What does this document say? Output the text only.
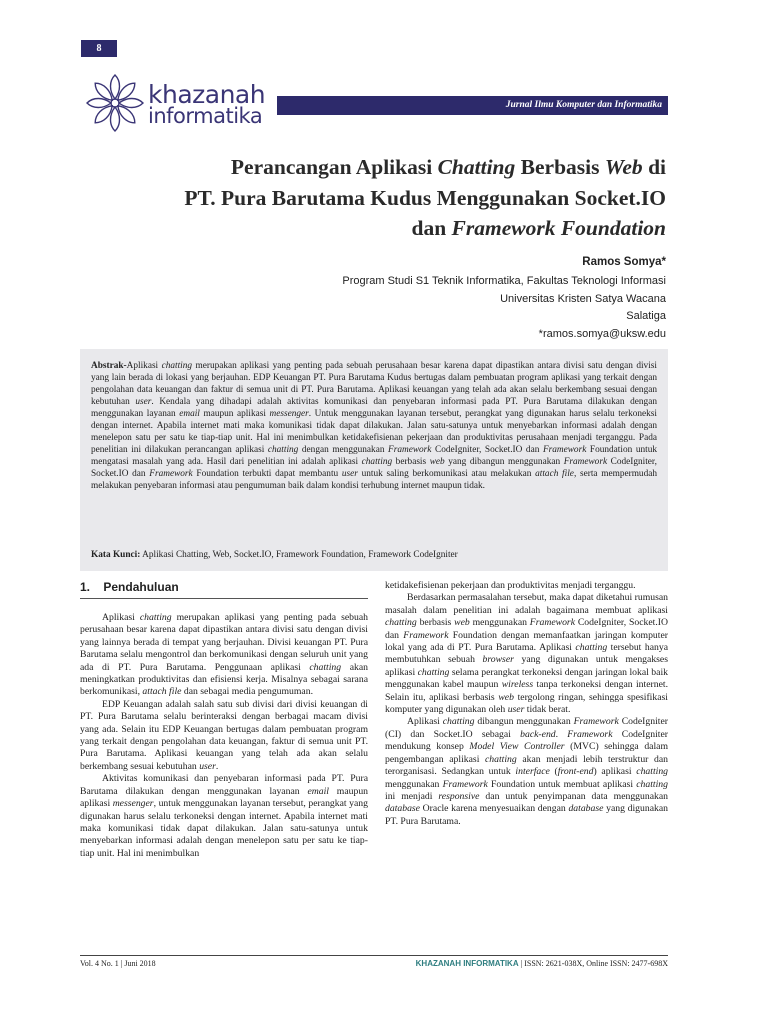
8
khazanah
informatika	Jurnal Ilmu Komputer dan Informatika
Perancangan Aplikasi Chatting Berbasis Web di
PT. Pura Barutama Kudus Menggunakan Socket.IO
dan Framework Foundation
Ramos Somya*
Program Studi S1 Teknik Informatika, Fakultas Teknologi Informasi
Universitas Kristen Satya Wacana
Salatiga
*ramos.somya@uksw.edu
Abstrak-Aplikasi chatting merupakan aplikasi yang penting pada sebuah perusahaan besar karena dapat dipastikan antara divisi satu dengan divisi yang lain berada di lokasi yang berjauhan. EDP Keuangan PT. Pura Barutama Kudus bertugas dalam pembuatan program aplikasi yang terkait dengan pengolahan data keuangan dan faktur di semua unit di PT. Pura Barutama. Aplikasi keuangan yang telah ada akan selalu berkembang sesuai dengan kebutuhan user. Kendala yang dihadapi adalah aktivitas komunikasi dan penyebaran informasi pada PT. Pura Barutama dilakukan dengan menggunakan layanan email maupun aplikasi messenger. Untuk menggunakan layanan tersebut, perangkat yang digunakan harus selalu terkoneksi dengan internet. Apabila internet mati maka komunikasi tidak dapat dilakukan. Jalan satu-satunya untuk menyebarkan informasi adalah dengan menelepon satu per satu ke tiap-tiap unit. Hal ini menimbulkan ketidakefisienan pekerjaan dan produktivitas perusahaan menjadi terganggu. Pada penelitian ini dilakukan perancangan aplikasi chatting dengan menggunakan Framework CodeIgniter, Socket.IO dan Framework Foundation untuk mengatasi masalah yang ada. Hasil dari penelitian ini adalah aplikasi chatting berbasis web yang dibangun menggunakan Framework CodeIgniter, Socket.IO dan Framework Foundation terbukti dapat membantu user untuk saling berkomunikasi atau melakukan attach file, serta mempermudah melakukan penyebaran informasi atau pengumuman baik dalam kondisi terhubung internet maupun tidak.
Kata Kunci: Aplikasi Chatting, Web, Socket.IO, Framework Foundation, Framework CodeIgniter
1. Pendahuluan

Aplikasi chatting merupakan aplikasi yang penting pada sebuah perusahaan besar karena dapat dipastikan antara divisi satu dengan divisi yang lainnya berada di tempat yang berjauhan. Divisi keuangan PT. Pura Barutama selalu mengontrol dan berkomunikasi dengan seluruh unit yang ada di PT. Pura Barutama. Penggunaan aplikasi chatting akan meningkatkan produktivitas dan efisiensi kerja. Misalnya sebagai sarana berkomunikasi, attach file dan sebagai media pengumuman.

EDP Keuangan adalah salah satu sub divisi dari divisi keuangan di PT. Pura Barutama selalu berinteraksi dengan berbagai macam divisi yang ada. Selain itu EDP Keuangan bertugas dalam pembuatan program yang terkait dengan pengolahan data keuangan, faktur di semua unit PT. Pura Barutama. Aplikasi keuangan yang telah ada akan selalu berkembang sesuai kebutuhan user.

Aktivitas komunikasi dan penyebaran informasi pada PT. Pura Barutama dilakukan dengan menggunakan layanan email maupun aplikasi messenger, untuk menggunakan layanan tersebut, perangkat yang digunakan harus selalu terkoneksi dengan internet. Apabila internet mati maka komunikasi tidak dapat dilakukan. Jalan satu-satunya untuk menyebarkan informasi adalah dengan menelepon satu per satu ke tiap-tiap unit. Hal ini menimbulkan

ketidakefisienan pekerjaan dan produktivitas menjadi terganggu.

Berdasarkan permasalahan tersebut, maka dapat diketahui rumusan masalah dalam penelitian ini adalah bagaimana membuat aplikasi chatting berbasis web menggunakan Framework CodeIgniter, Socket.IO dan Framework Foundation dengan memanfaatkan jaringan komputer lokal yang ada di PT. Pura Barutama. Aplikasi chatting tersebut hanya membutuhkan sebuah browser yang digunakan untuk mengakses aplikasi chatting selama perangkat terkoneksi dengan jaringan lokal baik menggunakan kabel maupun wireless tanpa terkoneksi dengan internet. Selain itu, aplikasi berbasis web tergolong ringan, sehingga spesifikasi komputer yang digunakan oleh user tidak berat.

Aplikasi chatting dibangun menggunakan Framework CodeIgniter (CI) dan Socket.IO sebagai back-end. Framework CodeIgniter mendukung konsep Model View Controller (MVC) sehingga dalam pengembangan aplikasi chatting akan menjadi lebih terstruktur dan terorganisasi. Sedangkan untuk interface (front-end) aplikasi chatting menggunakan Framework Foundation untuk membuat aplikasi chatting ini menjadi responsive dan untuk penyimpanan data menggunakan database Oracle karena menyesuaikan dengan database yang digunakan PT. Pura Barutama.

Vol. 4 No. 1 | Juni 2018	KHAZANAH INFORMATIKA | ISSN: 2621-038X, Online ISSN: 2477-698X
